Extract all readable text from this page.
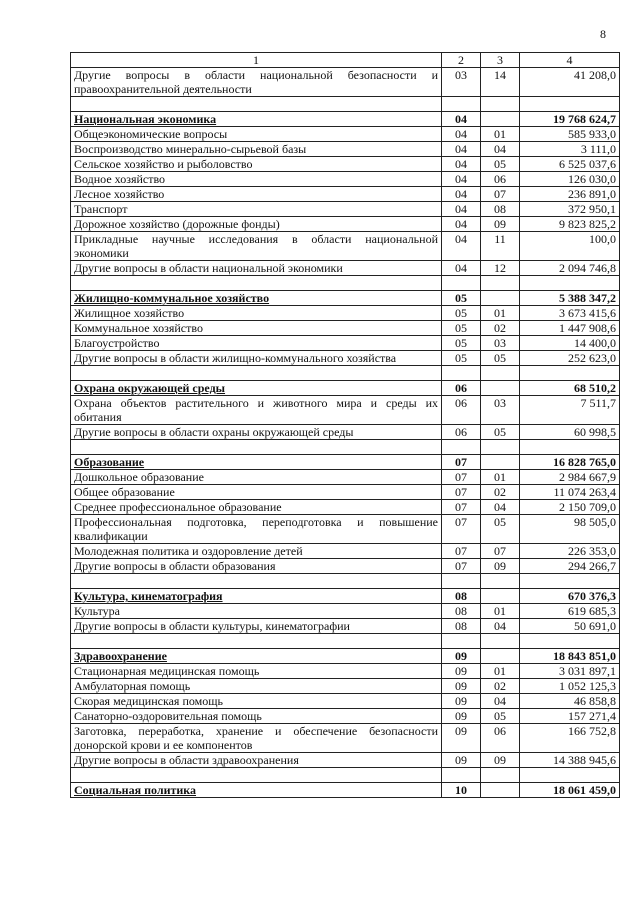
8
1	2	3	4
Другие вопросы в области национальной безопасности и правоохранительной деятельности	03	14	41 208,0

Национальная экономика	04		19 768 624,7
Общеэкономические вопросы	04	01	585 933,0
Воспроизводство минерально-сырьевой базы	04	04	3 111,0
Сельское хозяйство и рыболовство	04	05	6 525 037,6
Водное хозяйство	04	06	126 030,0
Лесное хозяйство	04	07	236 891,0
Транспорт	04	08	372 950,1
Дорожное хозяйство (дорожные фонды)	04	09	9 823 825,2
Прикладные научные исследования в области национальной экономики	04	11	100,0
Другие вопросы в области национальной экономики	04	12	2 094 746,8

Жилищно-коммунальное хозяйство	05		5 388 347,2
Жилищное хозяйство	05	01	3 673 415,6
Коммунальное хозяйство	05	02	1 447 908,6
Благоустройство	05	03	14 400,0
Другие вопросы в области жилищно-коммунального хозяйства	05	05	252 623,0

Охрана окружающей среды	06		68 510,2
Охрана объектов растительного и животного мира и среды их обитания	06	03	7 511,7
Другие вопросы в области охраны окружающей среды	06	05	60 998,5

Образование	07		16 828 765,0
Дошкольное образование	07	01	2 984 667,9
Общее образование	07	02	11 074 263,4
Среднее профессиональное образование	07	04	2 150 709,0
Профессиональная подготовка, переподготовка и повышение квалификации	07	05	98 505,0
Молодежная политика и оздоровление детей	07	07	226 353,0
Другие вопросы в области образования	07	09	294 266,7

Культура, кинематография	08		670 376,3
Культура	08	01	619 685,3
Другие вопросы в области культуры, кинематографии	08	04	50 691,0

Здравоохранение	09		18 843 851,0
Стационарная медицинская помощь	09	01	3 031 897,1
Амбулаторная помощь	09	02	1 052 125,3
Скорая медицинская помощь	09	04	46 858,8
Санаторно-оздоровительная помощь	09	05	157 271,4
Заготовка, переработка, хранение и обеспечение безопасности донорской крови и ее компонентов	09	06	166 752,8
Другие вопросы в области здравоохранения	09	09	14 388 945,6

Социальная политика	10		18 061 459,0
